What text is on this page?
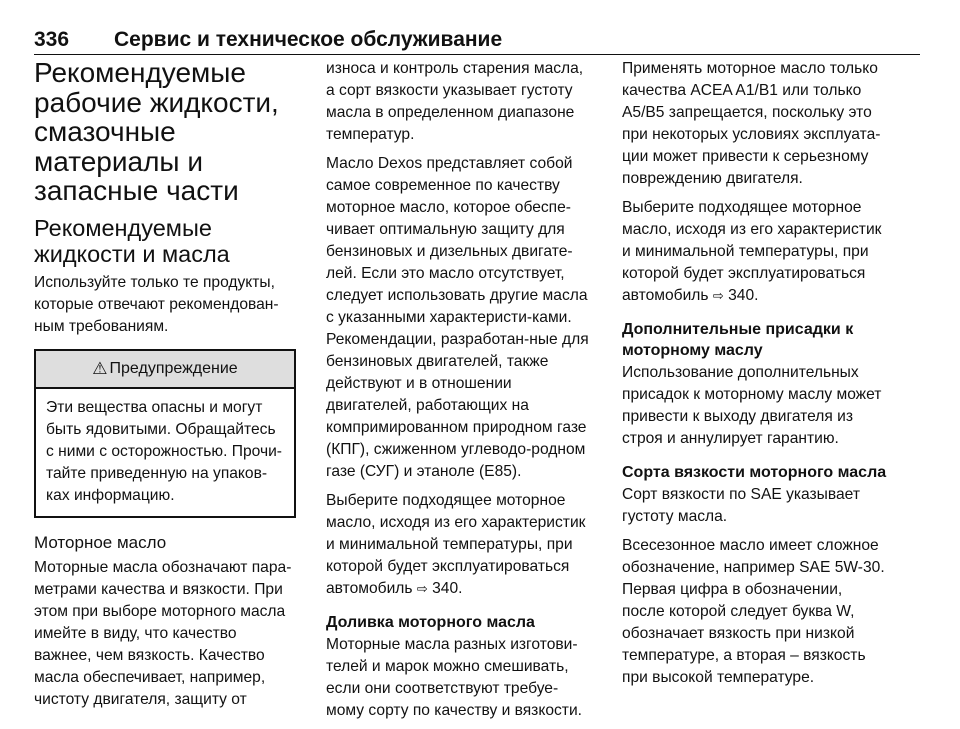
336	Сервис и техническое обслуживание
Рекомендуемые рабочие жидкости, смазочные материалы и запасные части
Рекомендуемые жидкости и масла

Используйте только те продукты, которые отвечают рекомендован-ным требованиям.

⚠ Предупреждение

Эти вещества опасны и могут быть ядовитыми. Обращайтесь с ними с осторожностью. Прочи-тайте приведенную на упаков-ках информацию.

Моторное масло

Моторные масла обозначают пара-метрами качества и вязкости. При этом при выборе моторного масла имейте в виду, что качество важнее, чем вязкость. Качество масла обеспечивает, например, чистоту двигателя, защиту от

износа и контроль старения масла, а сорт вязкости указывает густоту масла в определенном диапазоне температур.

Масло Dexos представляет собой самое современное по качеству моторное масло, которое обеспе-чивает оптимальную защиту для бензиновых и дизельных двигате-лей. Если это масло отсутствует, следует использовать другие масла с указанными характеристи-ками. Рекомендации, разработан-ные для бензиновых двигателей, также действуют и в отношении двигателей, работающих на компримированном природном газе (КПГ), сжиженном углеводо-родном газе (СУГ) и этаноле (E85).

Выберите подходящее моторное масло, исходя из его характеристик и минимальной температуры, при которой будет эксплуатироваться автомобиль ⇨ 340.

Доливка моторного масла

Моторные масла разных изготови-телей и марок можно смешивать, если они соответствуют требуе-мому сорту по качеству и вязкости.

Применять моторное масло только качества ACEA A1/B1 или только A5/B5 запрещается, поскольку это при некоторых условиях эксплуата-ции может привести к серьезному повреждению двигателя.

Выберите подходящее моторное масло, исходя из его характеристик и минимальной температуры, при которой будет эксплуатироваться автомобиль ⇨ 340.

Дополнительные присадки к моторному маслу

Использование дополнительных присадок к моторному маслу может привести к выходу двигателя из строя и аннулирует гарантию.

Сорта вязкости моторного масла

Сорт вязкости по SAE указывает густоту масла.

Всесезонное масло имеет сложное обозначение, например SAE 5W-30. Первая цифра в обозначении, после которой следует буква W, обозначает вязкость при низкой температуре, а вторая – вязкость при высокой температуре.
